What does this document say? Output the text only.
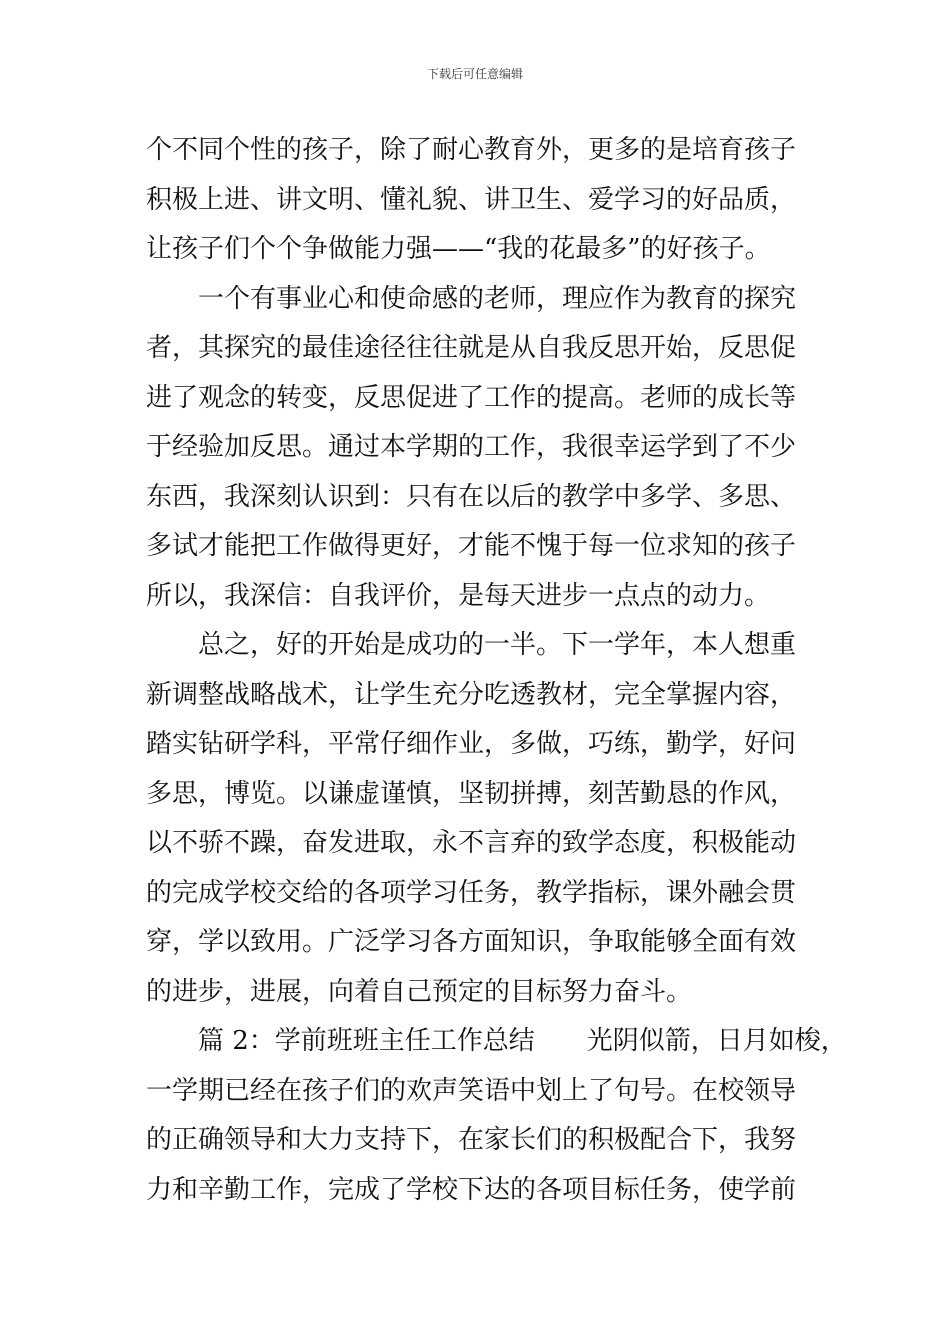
下载后可任意编辑
个不同个性的孩子，除了耐心教育外，更多的是培育孩子
积极上进、讲文明、懂礼貌、讲卫生、爱学习的好品质，
让孩子们个个争做能力强——“我的花最多”的好孩子。
　　一个有事业心和使命感的老师，理应作为教育的探究
者，其探究的最佳途径往往就是从自我反思开始，反思促
进了观念的转变，反思促进了工作的提高。老师的成长等
于经验加反思。通过本学期的工作，我很幸运学到了不少
东西，我深刻认识到：只有在以后的教学中多学、多思、
多试才能把工作做得更好，才能不愧于每一位求知的孩子
所以，我深信：自我评价，是每天进步一点点的动力。
　　总之，好的开始是成功的一半。下一学年，本人想重
新调整战略战术，让学生充分吃透教材，完全掌握内容，
踏实钻研学科，平常仔细作业，多做，巧练，勤学，好问
多思，博览。以谦虚谨慎，坚韧拼搏，刻苦勤恳的作风，
以不骄不躁，奋发进取，永不言弃的致学态度，积极能动
的完成学校交给的各项学习任务，教学指标，课外融会贯
穿，学以致用。广泛学习各方面知识，争取能够全面有效
的进步，进展，向着自己预定的目标努力奋斗。
　　篇 2：学前班班主任工作总结　　光阴似箭，日月如梭，
一学期已经在孩子们的欢声笑语中划上了句号。在校领导
的正确领导和大力支持下，在家长们的积极配合下，我努
力和辛勤工作，完成了学校下达的各项目标任务，使学前
